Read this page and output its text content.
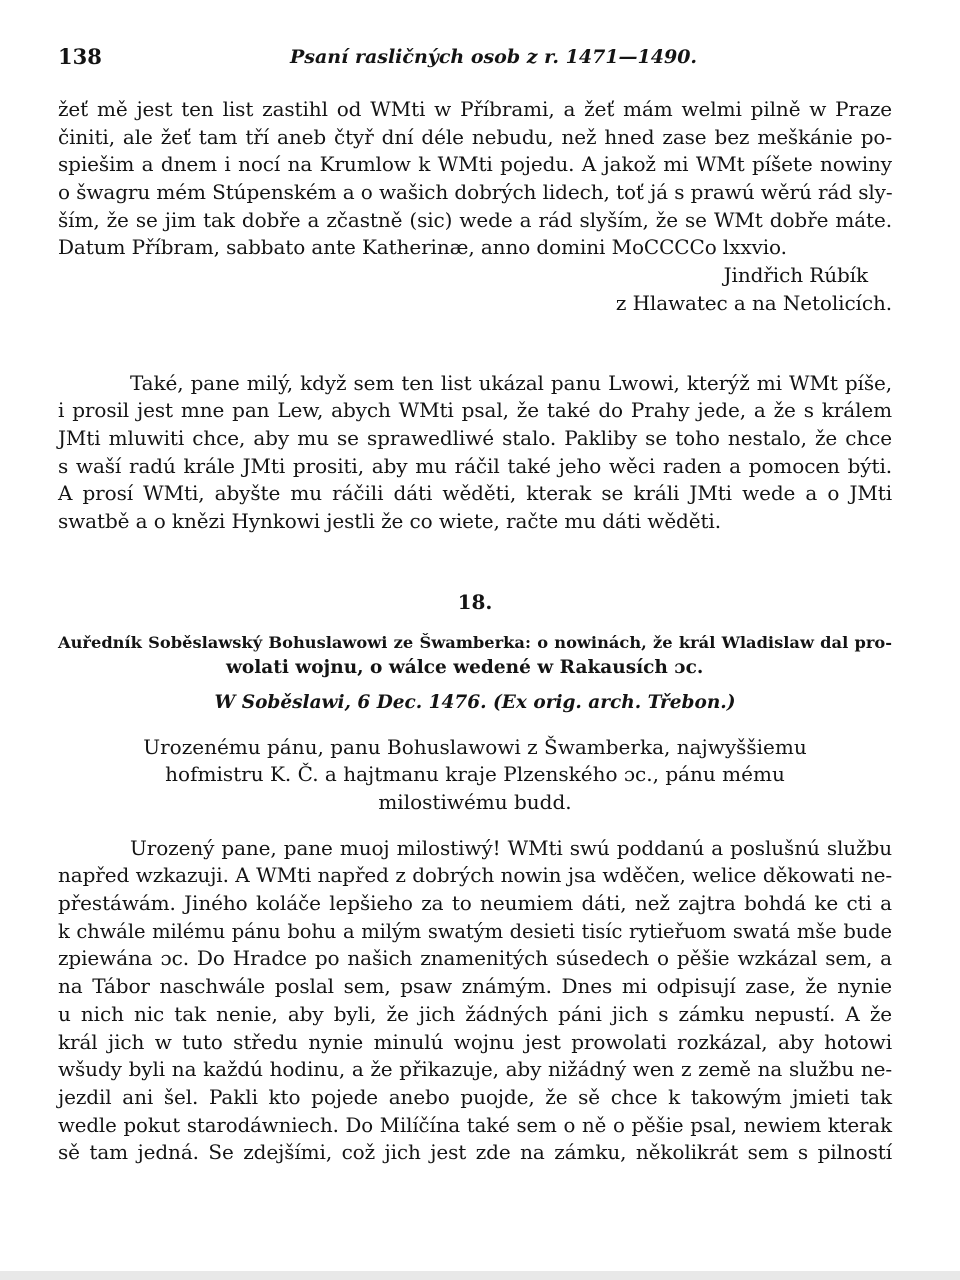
138	Psaní rasličných osob z r. 1471—1490.
žeť mě jest ten list zastihl od WMti w Příbrami, a žeť mám welmi pilně w Praze
činiti, ale žeť tam tří aneb čtyř dní déle nebudu, než hned zase bez meškánie po-
spiešim a dnem i nocí na Krumlow k WMti pojedu. A jakož mi WMt píšete nowiny
o šwagru mém Stúpenském a o wašich dobrých lidech, toť já s prawú wěrú rád sly-
ším, že se jim tak dobře a zčastně (sic) wede a rád slyším, že se WMt dobře máte.
Datum Příbram, sabbato ante Katherinæ, anno domini MoCCCCo lxxvio.
Jindřich Rúbík
z Hlawatec a na Netolicích.
Také, pane milý, když sem ten list ukázal panu Lwowi, kterýž mi WMt píše,
i prosil jest mne pan Lew, abych WMti psal, že také do Prahy jede, a že s králem
JMti mluwiti chce, aby mu se sprawedliwé stalo. Pakliby se toho nestalo, že chce
s waší radú krále JMti prositi, aby mu ráčil také jeho wěci raden a pomocen býti.
A prosí WMti, abyšte mu ráčili dáti wěděti, kterak se králi JMti wede a o JMti
swatbě a o knězi Hynkowi jestli že co wiete, račte mu dáti wěděti.
18.
Auředník Soběslawský Bohuslawowi ze Šwamberka: o nowinách, že král Wladislaw dal pro-
wolati wojnu, o wálce wedené w Rakausích ɔc.
W Soběslawi, 6 Dec. 1476. (Ex orig. arch. Třebon.)
Urozenému pánu, panu Bohuslawowi z Šwamberka, najwyššiemu
hofmistru K. Č. a hajtmanu kraje Plzenského ɔc., pánu mému
milostiwému budd.
Urozený pane, pane muoj milostiwý! WMti swú poddanú a poslušnú službu
napřed wzkazuji. A WMti napřed z dobrých nowin jsa wděčen, welice děkowati ne-
přestáwám. Jiného koláče lepšieho za to neumiem dáti, než zajtra bohdá ke cti a
k chwále milému pánu bohu a milým swatým desieti tisíc rytieřuom swatá mše bude
zpiewána ɔc. Do Hradce po našich znamenitých súsedech o pěšie wzkázal sem, a
na Tábor naschwále poslal sem, psaw známým. Dnes mi odpisují zase, že nynie
u nich nic tak nenie, aby byli, že jich žádných páni jich s zámku nepustí. A že
král jich w tuto středu nynie minulú wojnu jest prowolati rozkázal, aby hotowi
wšudy byli na každú hodinu, a že přikazuje, aby nižádný wen z země na službu ne-
jezdil ani šel. Pakli kto pojede anebo puojde, že sě chce k takowým jmieti tak
wedle pokut starodáwniech. Do Milíčína také sem o ně o pěšie psal, newiem kterak
sě tam jedná. Se zdejšími, což jich jest zde na zámku, několikrát sem s pilností
